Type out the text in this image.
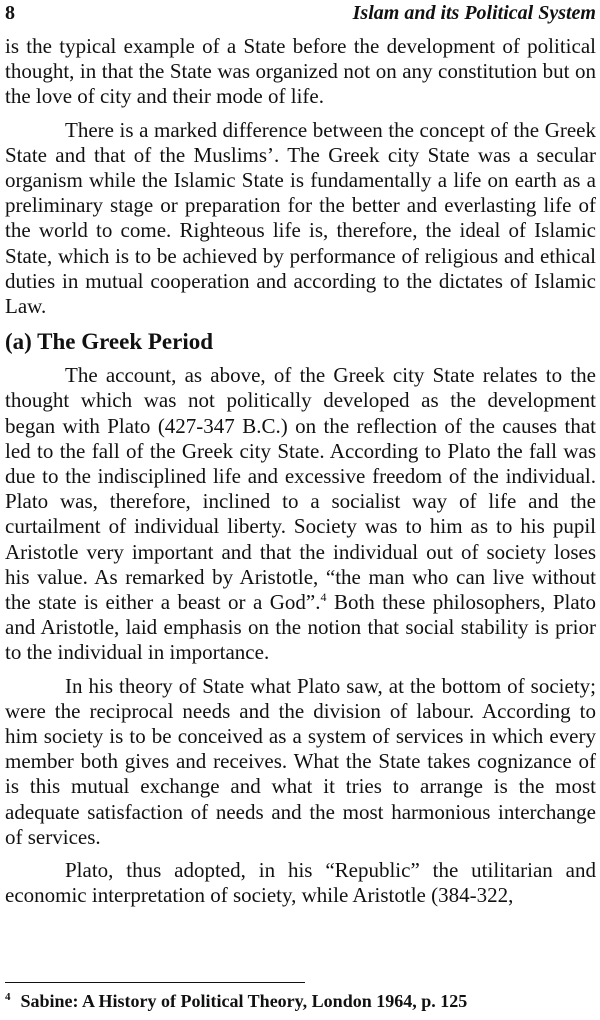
8	Islam and its Political System

is the typical example of a State before the development of political thought, in that the State was organized not on any constitution but on the love of city and their mode of life.

There is a marked difference between the concept of the Greek State and that of the Muslims’. The Greek city State was a secular organism while the Islamic State is fundamentally a life on earth as a preliminary stage or preparation for the better and everlasting life of the world to come. Righteous life is, therefore, the ideal of Islamic State, which is to be achieved by performance of religious and ethical duties in mutual cooperation and according to the dictates of Islamic Law.

(a) The Greek Period

The account, as above, of the Greek city State relates to the thought which was not politically developed as the development began with Plato (427-347 B.C.) on the reflection of the causes that led to the fall of the Greek city State. According to Plato the fall was due to the indisciplined life and excessive freedom of the individual. Plato was, therefore, inclined to a socialist way of life and the curtailment of individual liberty. Society was to him as to his pupil Aristotle very important and that the individual out of society loses his value. As remarked by Aristotle, “the man who can live without the state is either a beast or a God”.$^4$ Both these philosophers, Plato and Aristotle, laid emphasis on the notion that social stability is prior to the individual in importance.

In his theory of State what Plato saw, at the bottom of society; were the reciprocal needs and the division of labour. According to him society is to be conceived as a system of services in which every member both gives and receives. What the State takes cognizance of is this mutual exchange and what it tries to arrange is the most adequate satisfaction of needs and the most harmonious interchange of services.

Plato, thus adopted, in his “Republic” the utilitarian and economic interpretation of society, while Aristotle (384-322,

$^4$ Sabine: A History of Political Theory, London 1964, p. 125
